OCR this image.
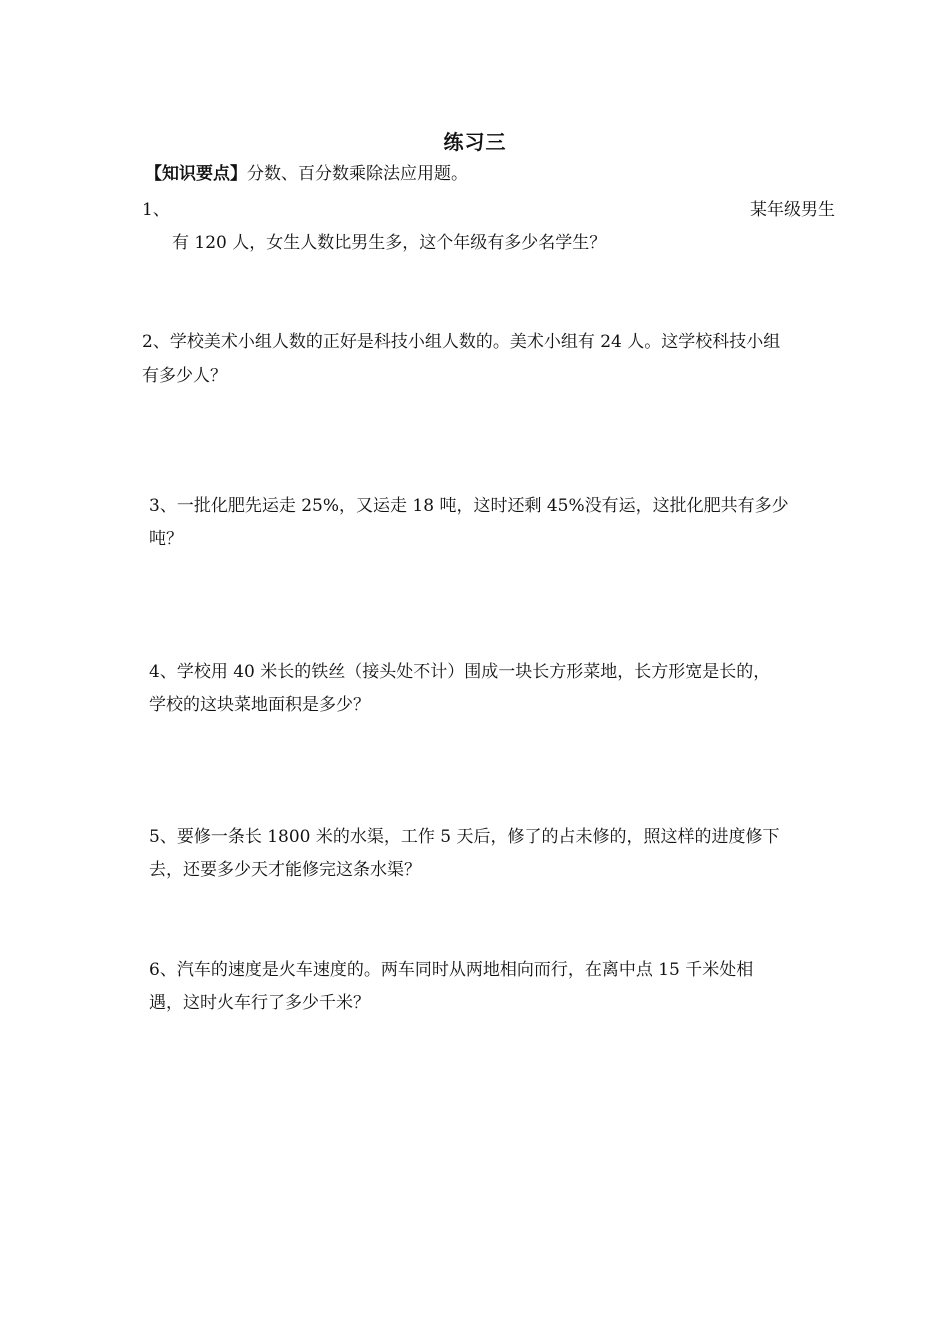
练习三
【知识要点】分数、百分数乘除法应用题。
1、	某年级男生
有 120 人，女生人数比男生多，这个年级有多少名学生？
2、学校美术小组人数的正好是科技小组人数的。美术小组有 24 人。这学校科技小组
有多少人？
3、一批化肥先运走 25%，又运走 18 吨，这时还剩 45%没有运，这批化肥共有多少
吨？
4、学校用 40 米长的铁丝（接头处不计）围成一块长方形菜地，长方形宽是长的，
学校的这块菜地面积是多少？
5、要修一条长 1800 米的水渠，工作 5 天后，修了的占未修的，照这样的进度修下
去，还要多少天才能修完这条水渠？
6、汽车的速度是火车速度的。两车同时从两地相向而行，在离中点 15 千米处相
遇，这时火车行了多少千米？
